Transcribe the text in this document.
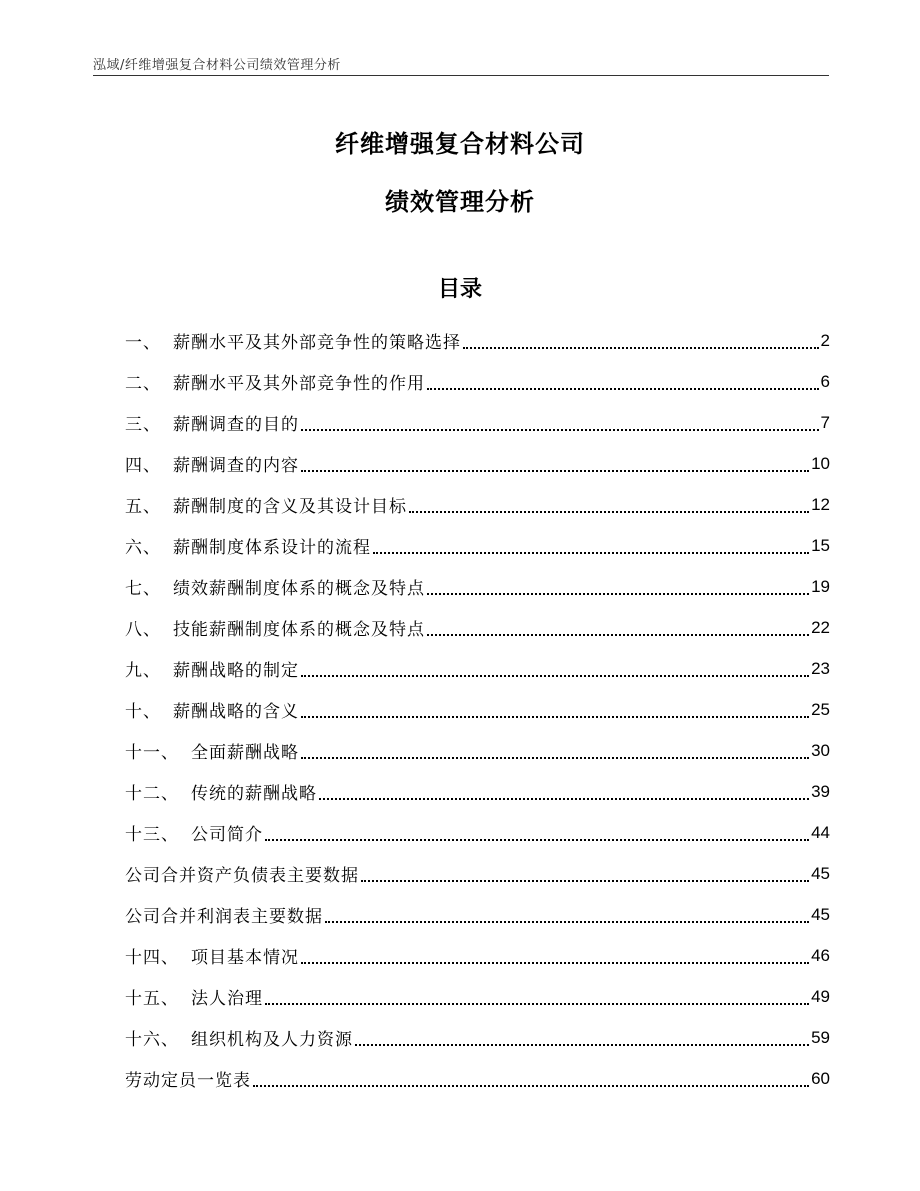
泓域/纤维增强复合材料公司绩效管理分析
纤维增强复合材料公司
绩效管理分析
目录
一、 薪酬水平及其外部竞争性的策略选择	2
二、 薪酬水平及其外部竞争性的作用	6
三、 薪酬调查的目的	7
四、 薪酬调查的内容	10
五、 薪酬制度的含义及其设计目标	12
六、 薪酬制度体系设计的流程	15
七、 绩效薪酬制度体系的概念及特点	19
八、 技能薪酬制度体系的概念及特点	22
九、 薪酬战略的制定	23
十、 薪酬战略的含义	25
十一、 全面薪酬战略	30
十二、 传统的薪酬战略	39
十三、 公司简介	44
公司合并资产负债表主要数据	45
公司合并利润表主要数据	45
十四、 项目基本情况	46
十五、 法人治理	49
十六、 组织机构及人力资源	59
劳动定员一览表	60
